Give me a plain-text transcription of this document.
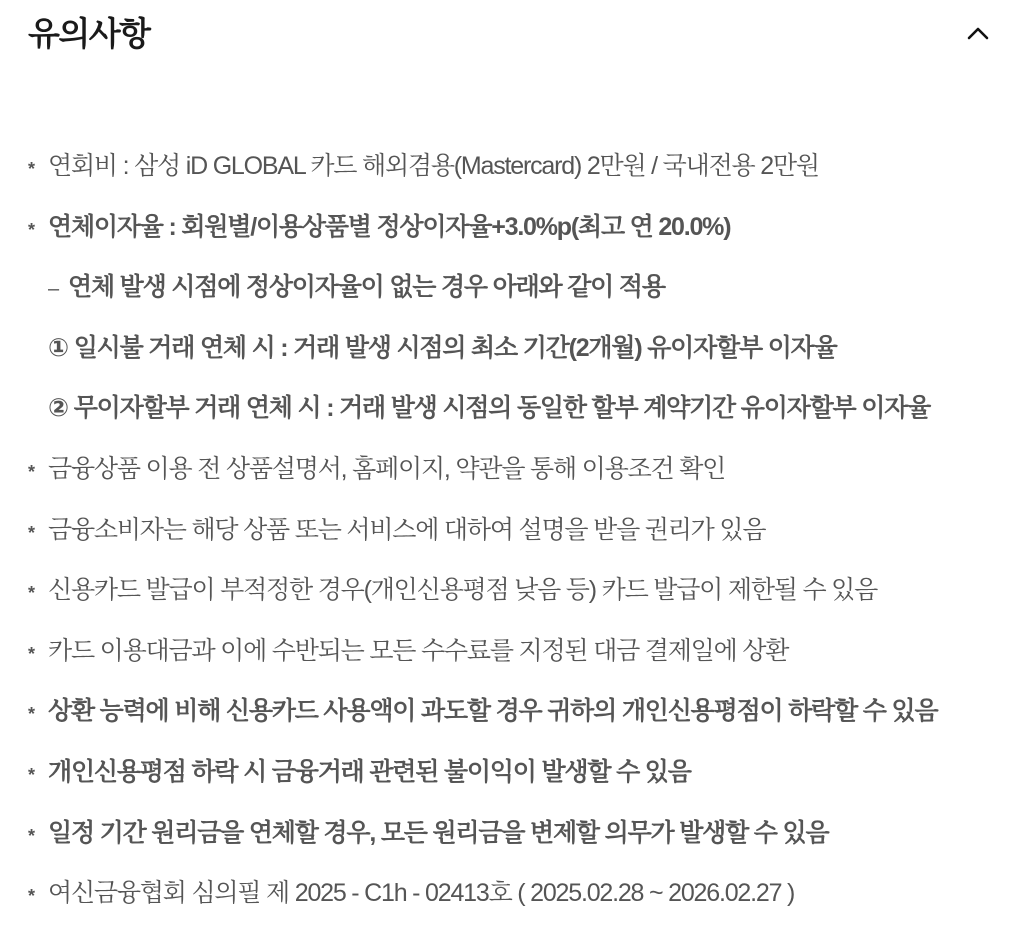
유의사항
* 연회비 : 삼성 iD GLOBAL 카드 해외겸용(Mastercard) 2만원 / 국내전용 2만원
* 연체이자율 : 회원별/이용상품별 정상이자율+3.0%p(최고 연 20.0%)
– 연체 발생 시점에 정상이자율이 없는 경우 아래와 같이 적용
① 일시불 거래 연체 시 : 거래 발생 시점의 최소 기간(2개월) 유이자할부 이자율
② 무이자할부 거래 연체 시 : 거래 발생 시점의 동일한 할부 계약기간 유이자할부 이자율
* 금융상품 이용 전 상품설명서, 홈페이지, 약관을 통해 이용조건 확인
* 금융소비자는 해당 상품 또는 서비스에 대하여 설명을 받을 권리가 있음
* 신용카드 발급이 부적정한 경우(개인신용평점 낮음 등) 카드 발급이 제한될 수 있음
* 카드 이용대금과 이에 수반되는 모든 수수료를 지정된 대금 결제일에 상환
* 상환 능력에 비해 신용카드 사용액이 과도할 경우 귀하의 개인신용평점이 하락할 수 있음
* 개인신용평점 하락 시 금융거래 관련된 불이익이 발생할 수 있음
* 일정 기간 원리금을 연체할 경우, 모든 원리금을 변제할 의무가 발생할 수 있음
* 여신금융협회 심의필 제 2025 - C1h - 02413호 ( 2025.02.28 ~ 2026.02.27 )
